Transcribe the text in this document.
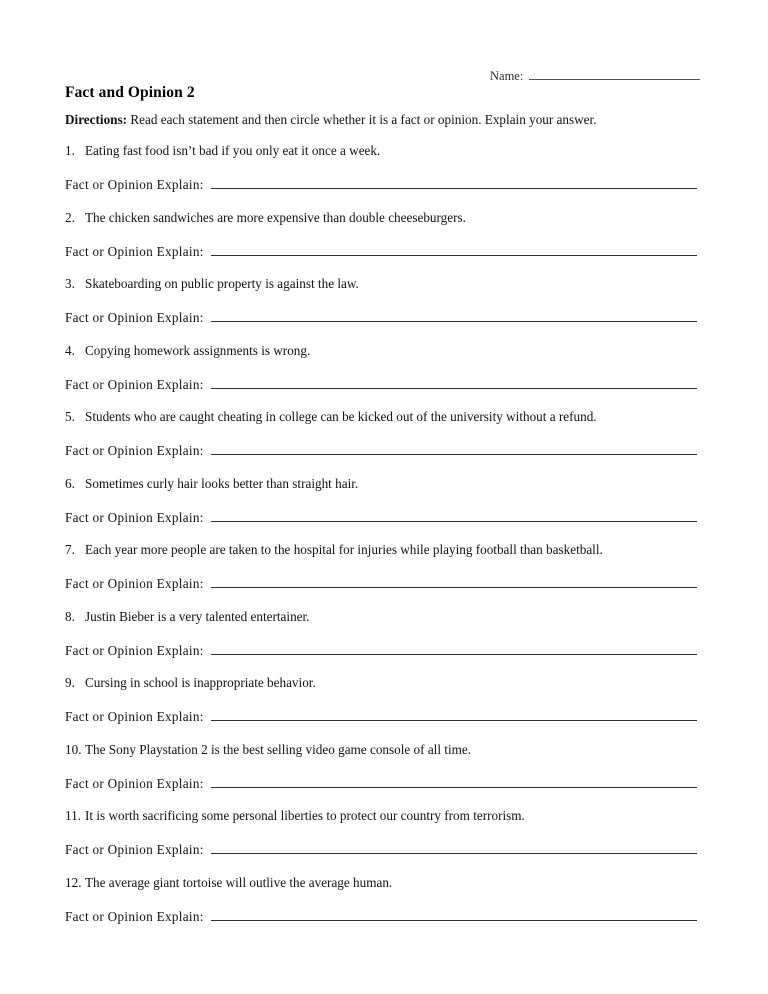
Name:
Fact and Opinion 2
Directions: Read each statement and then circle whether it is a fact or opinion. Explain your answer.
1. Eating fast food isn’t bad if you only eat it once a week.
Fact or Opinion Explain:
2. The chicken sandwiches are more expensive than double cheeseburgers.
Fact or Opinion Explain:
3. Skateboarding on public property is against the law.
Fact or Opinion Explain:
4. Copying homework assignments is wrong.
Fact or Opinion Explain:
5. Students who are caught cheating in college can be kicked out of the university without a refund.
Fact or Opinion Explain:
6. Sometimes curly hair looks better than straight hair.
Fact or Opinion Explain:
7. Each year more people are taken to the hospital for injuries while playing football than basketball.
Fact or Opinion Explain:
8. Justin Bieber is a very talented entertainer.
Fact or Opinion Explain:
9. Cursing in school is inappropriate behavior.
Fact or Opinion Explain:
10. The Sony Playstation 2 is the best selling video game console of all time.
Fact or Opinion Explain:
11. It is worth sacrificing some personal liberties to protect our country from terrorism.
Fact or Opinion Explain:
12. The average giant tortoise will outlive the average human.
Fact or Opinion Explain:
